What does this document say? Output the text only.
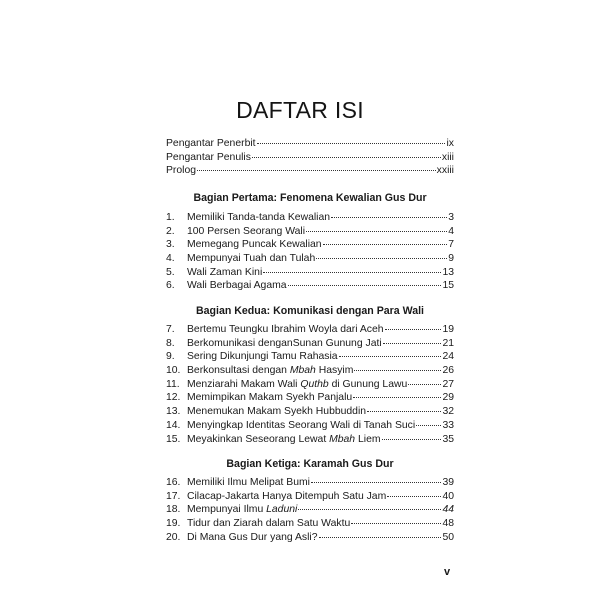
DAFTAR ISI
Pengantar Penerbit	ix
Pengantar Penulis	xiii
Prolog	xxiii
Bagian Pertama: Fenomena Kewalian Gus Dur
1.	Memiliki Tanda-tanda Kewalian	3
2.	100 Persen Seorang Wali	4
3.	Memegang Puncak Kewalian	7
4.	Mempunyai Tuah dan Tulah	9
5.	Wali Zaman Kini	13
6.	Wali Berbagai Agama	15
Bagian Kedua: Komunikasi dengan Para Wali
7.	Bertemu Teungku Ibrahim Woyla dari Aceh	19
8.	Berkomunikasi denganSunan Gunung Jati	21
9.	Sering Dikunjungi Tamu Rahasia	24
10. Berkonsultasi dengan Mbah Hasyim	26
11. Menziarahi Makam Wali Quthb di Gunung Lawu	27
12. Memimpikan Makam Syekh Panjalu	29
13. Menemukan Makam Syekh Hubbuddin	32
14. Menyingkap Identitas Seorang Wali di Tanah Suci	33
15. Meyakinkan Seseorang Lewat Mbah Liem	35
Bagian Ketiga: Karamah Gus Dur
16. Memiliki Ilmu Melipat Bumi	39
17. Cilacap-Jakarta Hanya Ditempuh Satu Jam	40
18. Mempunyai Ilmu Laduni	44
19. Tidur dan Ziarah dalam Satu Waktu	48
20. Di Mana Gus Dur yang Asli?	50
v
